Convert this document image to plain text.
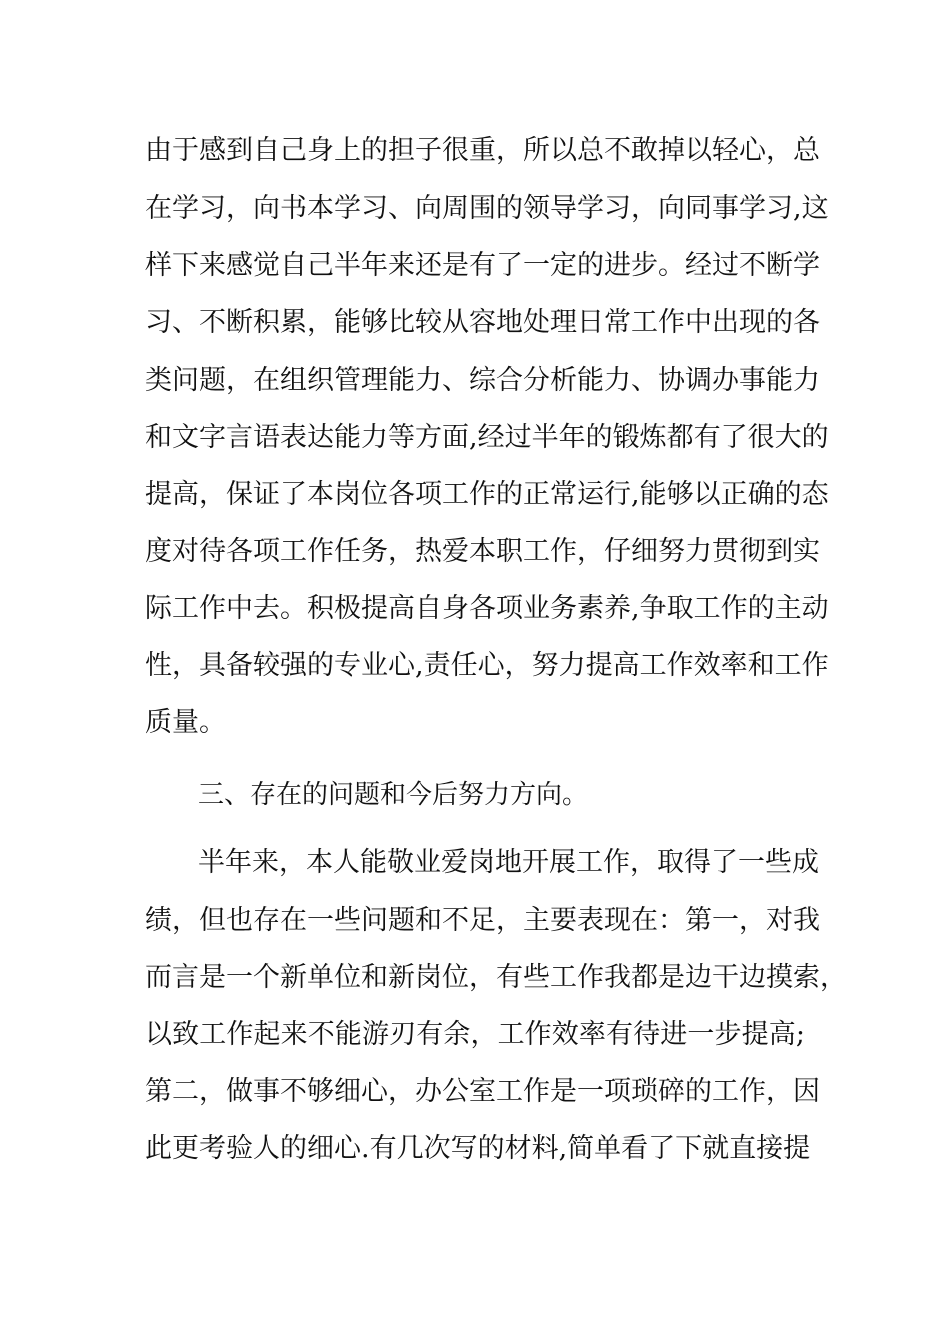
由于感到自己身上的担子很重，所以总不敢掉以轻心，总
在学习，向书本学习、向周围的领导学习，向同事学习,这
样下来感觉自己半年来还是有了一定的进步。经过不断学
习、不断积累，能够比较从容地处理日常工作中出现的各
类问题，在组织管理能力、综合分析能力、协调办事能力
和文字言语表达能力等方面,经过半年的锻炼都有了很大的
提高，保证了本岗位各项工作的正常运行,能够以正确的态
度对待各项工作任务，热爱本职工作，仔细努力贯彻到实
际工作中去。积极提高自身各项业务素养,争取工作的主动
性，具备较强的专业心,责任心，努力提高工作效率和工作
质量。
三、存在的问题和今后努力方向。
半年来，本人能敬业爱岗地开展工作，取得了一些成
绩，但也存在一些问题和不足，主要表现在：第一，对我
而言是一个新单位和新岗位，有些工作我都是边干边摸索，
以致工作起来不能游刃有余，工作效率有待进一步提高;
第二，做事不够细心，办公室工作是一项琐碎的工作，因
此更考验人的细心.有几次写的材料,简单看了下就直接提
